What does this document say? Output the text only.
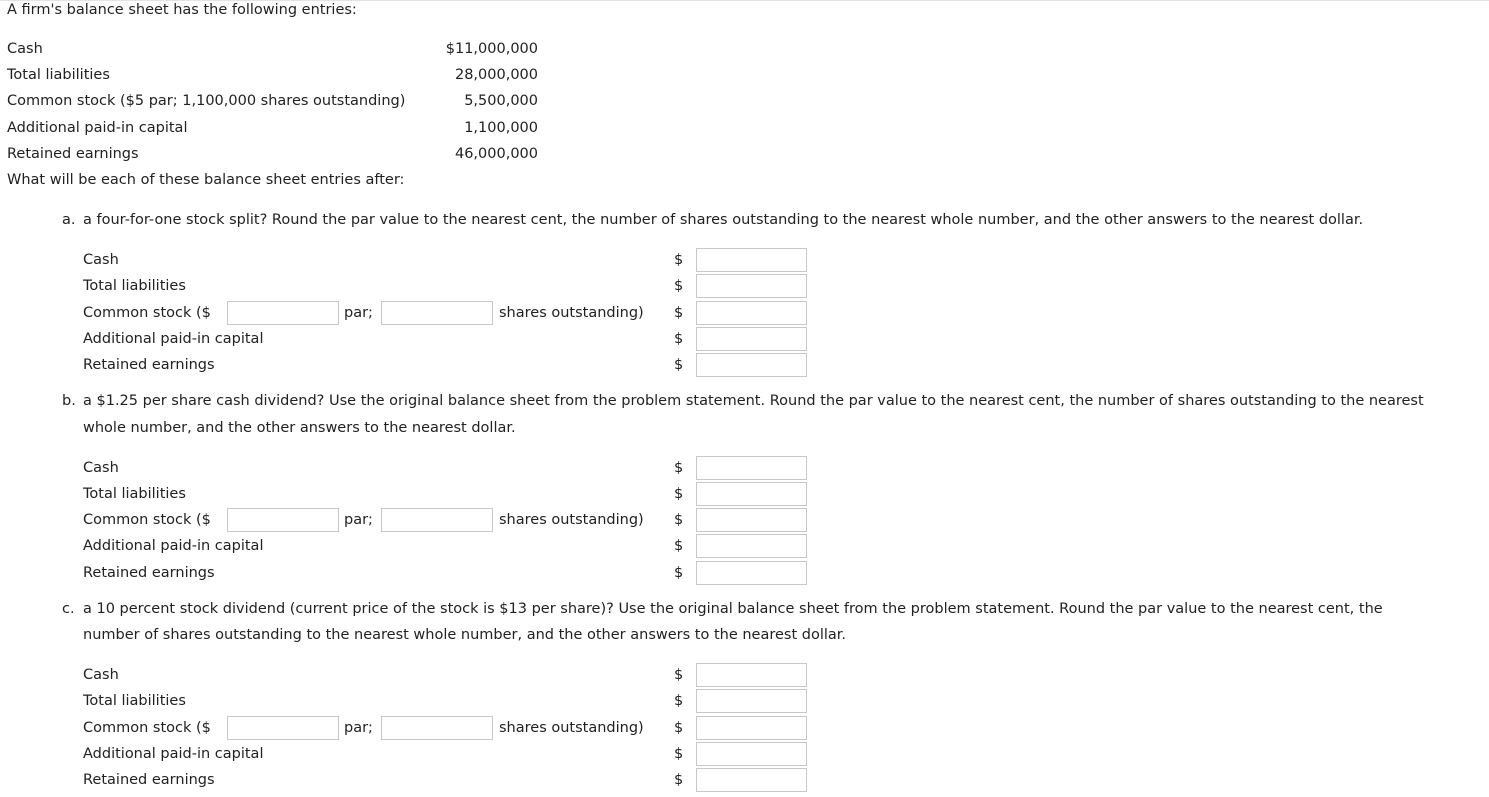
A firm's balance sheet has the following entries:
Cash	$11,000,000
Total liabilities	28,000,000
Common stock ($5 par; 1,100,000 shares outstanding)	5,500,000
Additional paid-in capital	1,100,000
Retained earnings	46,000,000
What will be each of these balance sheet entries after:
a. a four-for-one stock split? Round the par value to the nearest cent, the number of shares outstanding to the nearest whole number, and the other answers to the nearest dollar.
Cash	$
Total liabilities	$
Common stock ($	par;	shares outstanding) $
Additional paid-in capital	$
Retained earnings	$
b. a $1.25 per share cash dividend? Use the original balance sheet from the problem statement. Round the par value to the nearest cent, the number of shares outstanding to the nearest
whole number, and the other answers to the nearest dollar.
Cash	$
Total liabilities	$
Common stock ($	par;	shares outstanding) $
Additional paid-in capital	$
Retained earnings	$
c. a 10 percent stock dividend (current price of the stock is $13 per share)? Use the original balance sheet from the problem statement. Round the par value to the nearest cent, the
number of shares outstanding to the nearest whole number, and the other answers to the nearest dollar.
Cash	$
Total liabilities	$
Common stock ($	par;	shares outstanding) $
Additional paid-in capital	$
Retained earnings	$
